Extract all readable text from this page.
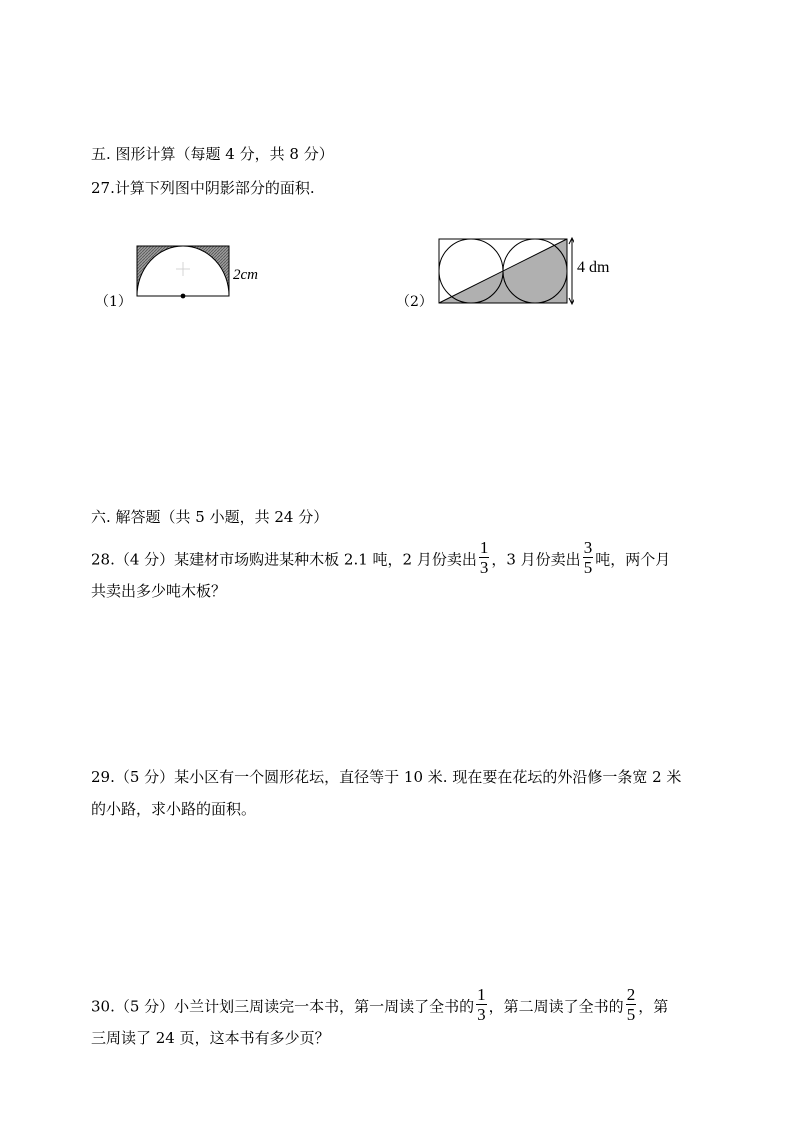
五. 图形计算（每题 4 分，共 8 分）
27.计算下列图中阴影部分的面积.
（1）
2cm
（2）
4 dm
六. 解答题（共 5 小题，共 24 分）
28.（4 分）某建材市场购进某种木板 2.1 吨，2 月份卖出 $\frac{1}{3}$ ，3 月份卖出 $\frac{3}{5}$ 吨，两个月
共卖出多少吨木板？
29.（5 分）某小区有一个圆形花坛，直径等于 10 米. 现在要在花坛的外沿修一条宽 2 米
的小路，求小路的面积。
30.（5 分）小兰计划三周读完一本书，第一周读了全书的 $\frac{1}{3}$ ，第二周读了全书的 $\frac{2}{5}$ ，第
三周读了 24 页，这本书有多少页？
